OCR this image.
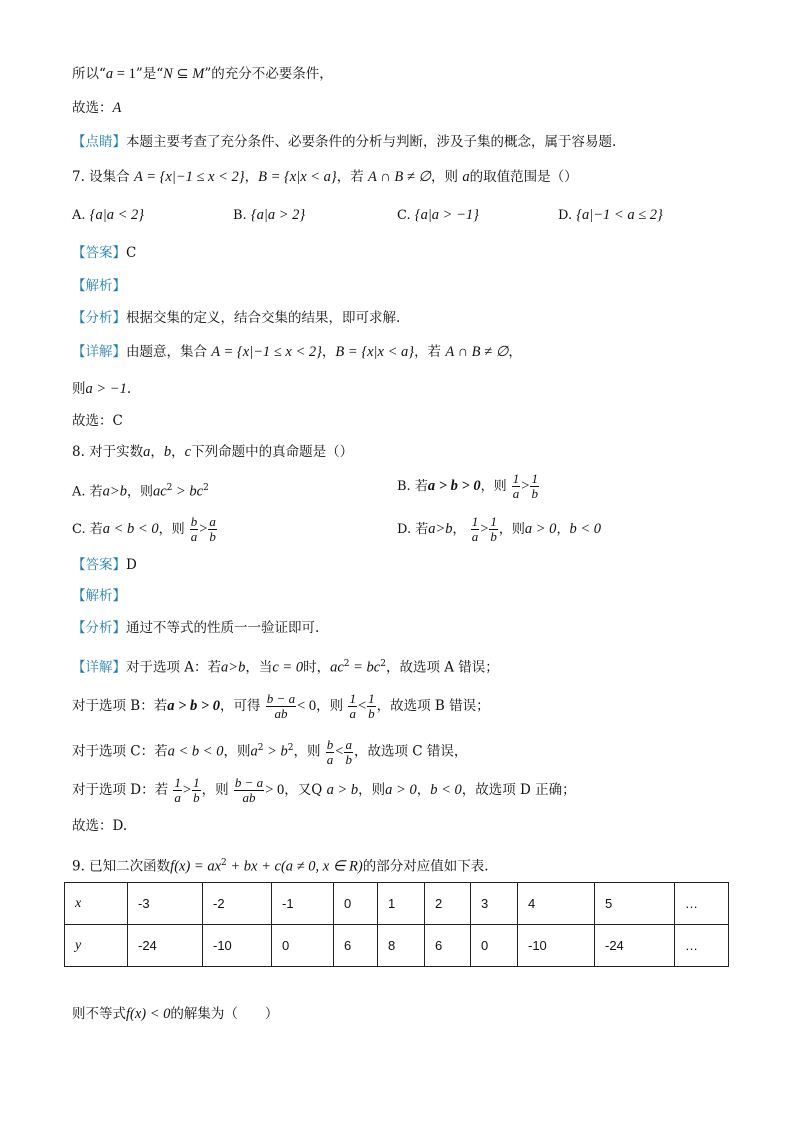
所以“a = 1”是“N ⊆ M”的充分不必要条件，
故选：A
【点睛】本题主要考查了充分条件、必要条件的分析与判断，涉及子集的概念，属于容易题.
7. 设集合 A = {x|−1 ≤ x < 2}，B = {x|x < a}，若 A ∩ B ≠ ∅，则 a的取值范围是（）
A. {a|a < 2}	B. {a|a > 2}	C. {a|a > −1}	D. {a|−1 < a ≤ 2}
【答案】C
【解析】
【分析】根据交集的定义，结合交集的结果，即可求解.
【详解】由题意，集合 A = {x|−1 ≤ x < 2}，B = {x|x < a}，若 A ∩ B ≠ ∅，
则a > −1.
故选：C
8. 对于实数a，b，c下列命题中的真命题是（）
A. 若a>b，则$ac^2 > bc^2$	B. 若a > b > 0，则 $\frac{1}{a} > \frac{1}{b}$
C. 若a < b < 0，则 $\frac{b}{a} > \frac{a}{b}$	D. 若a>b， $\frac{1}{a} > \frac{1}{b}$ ，则a > 0，b < 0
【答案】D
【解析】
【分析】通过不等式的性质一一验证即可.
【详解】对于选项 A：若a>b，当c = 0时，$ac^2 = bc^2$，故选项 A 错误；
对于选项 B：若a > b > 0，可得 $\frac{b - a}{ab} < 0$，则 $\frac{1}{a} < \frac{1}{b}$ ，故选项 B 错误；
对于选项 C：若a < b < 0，则$a^2 > b^2$，则 $\frac{b}{a} < \frac{a}{b}$ ，故选项 C 错误，
对于选项 D：若 $\frac{1}{a} > \frac{1}{b}$ ，则 $\frac{b - a}{ab} > 0$，又Q a > b，则a > 0，b < 0，故选项 D 正确；
故选：D.
9. 已知二次函数$f(x) = ax^2$ + bx + c(a ≠ 0, x ∈ R)的部分对应值如下表.
x	-3	-2	-1	0	1	2	3	4	5	…
y	-24	-10	0	6	8	6	0	-10	-24	…
则不等式f(x) < 0的解集为（　　）
